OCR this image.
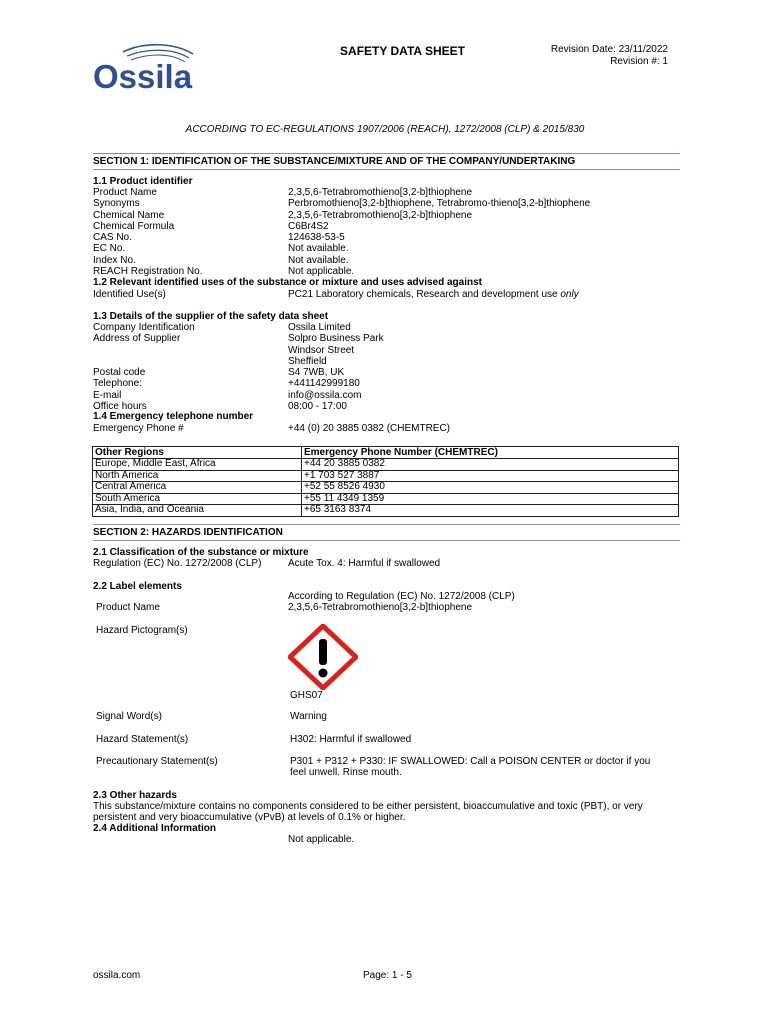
Ossila
SAFETY DATA SHEET	Revision Date: 23/11/2022
Revision #: 1
ACCORDING TO EC-REGULATIONS 1907/2006 (REACH), 1272/2008 (CLP) & 2015/830
SECTION 1: IDENTIFICATION OF THE SUBSTANCE/MIXTURE AND OF THE COMPANY/UNDERTAKING
1.1 Product identifier
Product Name	2,3,5,6-Tetrabromothieno[3,2-b]thiophene
Synonyms	Perbromothieno[3,2-b]thiophene, Tetrabromo-thieno[3,2-b]thiophene
Chemical Name	2,3,5,6-Tetrabromothieno[3,2-b]thiophene
Chemical Formula	C6Br4S2
CAS No.	124638-53-5
EC No.	Not available.
Index No.	Not available.
REACH Registration No.	Not applicable.
1.2 Relevant identified uses of the substance or mixture and uses advised against
Identified Use(s)	PC21 Laboratory chemicals, Research and development use only
1.3 Details of the supplier of the safety data sheet
Company Identification	Ossila Limited
Address of Supplier	Solpro Business Park
Windsor Street
Sheffield
Postal code	S4 7WB, UK
Telephone:	+441142999180
E-mail	info@ossila.com
Office hours	08:00 - 17:00
1.4 Emergency telephone number
Emergency Phone #	+44 (0) 20 3885 0382 (CHEMTREC)
Other Regions	Emergency Phone Number (CHEMTREC)
Europe, Middle East, Africa	+44 20 3885 0382
North America	+1 703 527 3887
Central America	+52 55 8526 4930
South America	+55 11 4349 1359
Asia, India, and Oceania	+65 3163 8374
SECTION 2: HAZARDS IDENTIFICATION
2.1 Classification of the substance or mixture
Regulation (EC) No. 1272/2008 (CLP)	Acute Tox. 4: Harmful if swallowed
2.2 Label elements
According to Regulation (EC) No. 1272/2008 (CLP)
Product Name	2,3,5,6-Tetrabromothieno[3,2-b]thiophene
Hazard Pictogram(s)
GHS07
Signal Word(s)	Warning
Hazard Statement(s)	H302: Harmful if swallowed
Precautionary Statement(s)	P301 + P312 + P330: IF SWALLOWED: Call a POISON CENTER or doctor if you
feel unwell. Rinse mouth.
2.3 Other hazards
This substance/mixture contains no components considered to be either persistent, bioaccumulative and toxic (PBT), or very
persistent and very bioaccumulative (vPvB) at levels of 0.1% or higher.
2.4 Additional Information
Not applicable.
ossila.com	Page: 1 - 5
